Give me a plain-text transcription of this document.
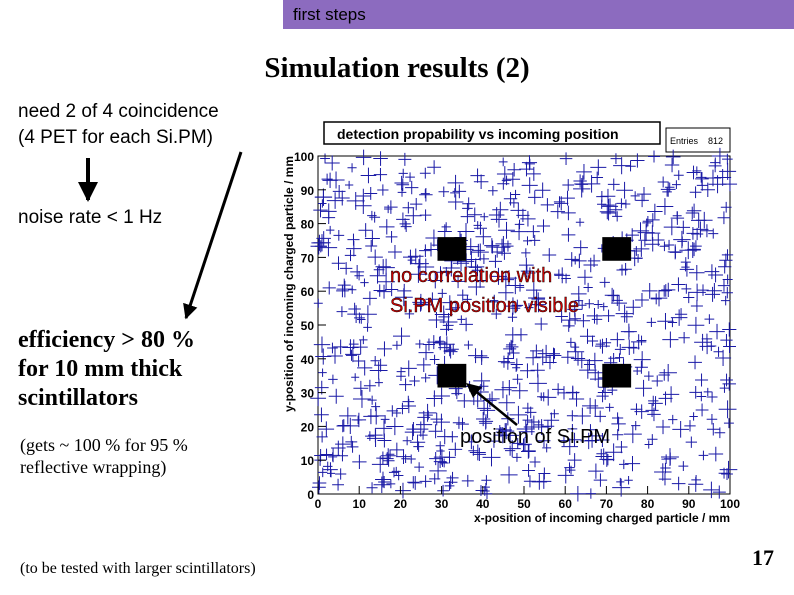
first steps
Simulation results (2)
need 2 of 4 coincidence
(4 PET for each Si.PM)
noise rate < 1 Hz
efficiency > 80 %
for 10 mm thick
scintillators
(gets ~ 100 % for 95 %
reflective wrapping)
(to be tested with larger scintillators)	17
detection propability vs incoming position	Entries 812
0	10 20 30 40 50 60 70 80 90 100
0
10
20
30
40
50
60
70
80
90
100
x-position of incoming charged particle / mm
y-position of incoming charged particle / mm	no correlation with
Si.PM position visible
position of Si.PM
